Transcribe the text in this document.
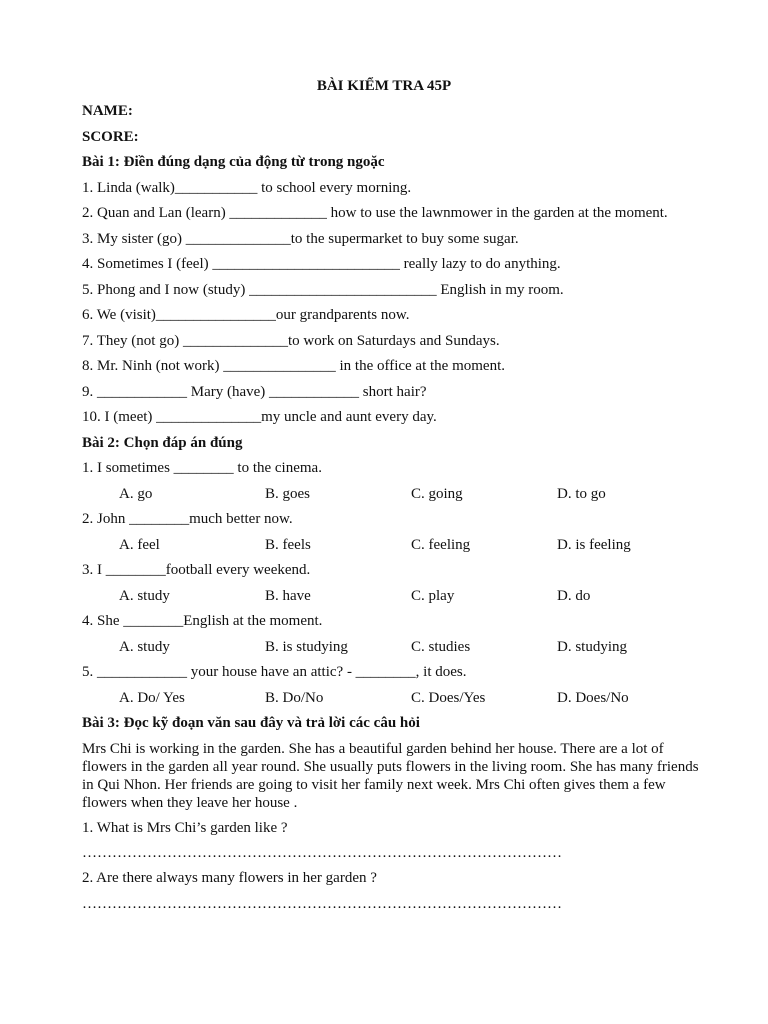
BÀI KIỂM TRA 45P
NAME:
SCORE:
Bài 1: Điền đúng dạng của động từ trong ngoặc
1. Linda (walk)___________ to school every morning.
2. Quan and Lan (learn) _____________ how to use the lawnmower in the garden at the moment.
3. My sister (go) ______________to the supermarket to buy some sugar.
4. Sometimes I (feel) _________________________ really lazy to do anything.
5. Phong and I now (study) _________________________ English in my room.
6. We (visit)________________our grandparents now.
7. They (not go) ______________to work on Saturdays and Sundays.
8. Mr. Ninh (not work) _______________ in the office at the moment.
9. ____________ Mary (have) ____________ short hair?
10. I (meet) ______________my uncle and aunt every day.
Bài 2: Chọn đáp án đúng
1. I sometimes ________ to the cinema.
A. go	B. goes	C. going	D. to go
2. John ________much better now.
A. feel	B. feels	C. feeling	D. is feeling
3. I ________football every weekend.
A. study	B. have	C. play	D. do
4. She ________English at the moment.
A. study	B. is studying	C. studies	D. studying
5. ____________ your house have an attic? - ________, it does.
A. Do/ Yes	B. Do/No	C. Does/Yes	D. Does/No
Bài 3: Đọc kỹ đoạn văn sau đây và trả lời các câu hỏi
Mrs Chi is working in the garden. She has a beautiful garden behind her house. There are a lot of flowers in the garden all year round. She usually puts flowers in the living room. She has many friends in Qui Nhon. Her friends are going to visit her family next week. Mrs Chi often gives them a few flowers when they leave her house .
1. What is Mrs Chi’s garden like ?
……………………………………………………………………………………
2. Are there always many flowers in her garden ?
……………………………………………………………………………………
